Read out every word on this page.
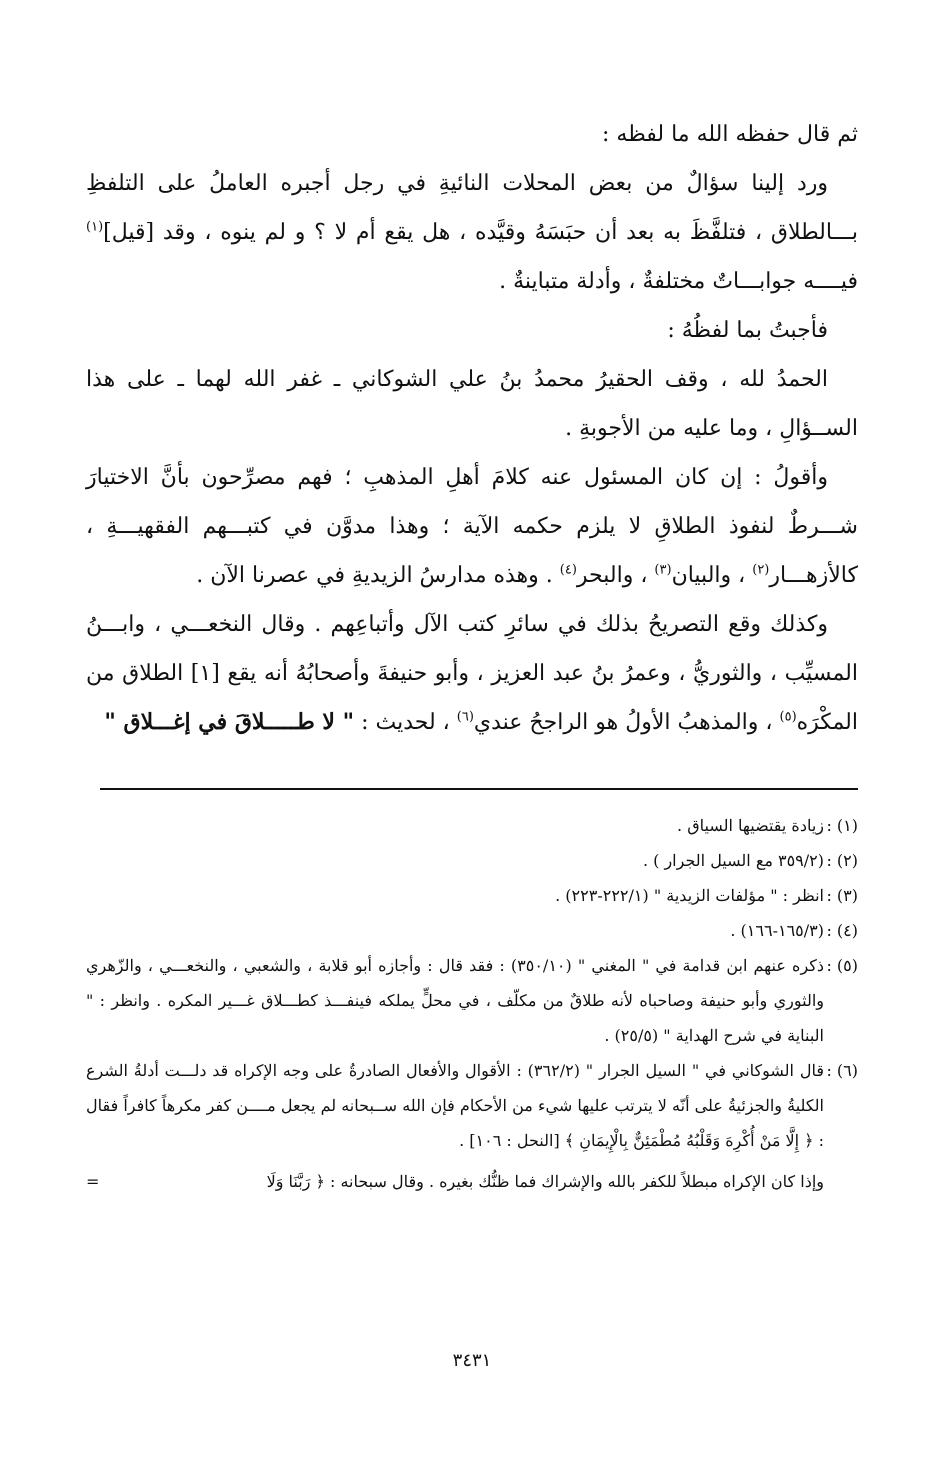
ثم قال حفظه الله ما لفظه :

ورد إلينا سؤالٌ من بعض المحلات النائيةِ في رجل أجبره العاملُ على التلفظِ بـــالطلاق ، فتلفَّظَ به بعد أن حبَسَهُ وقيَّده ، هل يقع أم لا ؟ و لم ينوه ، وقد [قيل]$^{(١)}$ فيــــه جوابـــاتٌ مختلفةٌ ، وأدلة متباينةٌ .

فأجبتُ بما لفظُهُ :

الحمدُ لله ، وقف الحقيرُ محمدُ بنُ علي الشوكاني ـ غفر الله لهما ـ على هذا الســؤالِ ، وما عليه من الأجوبةِ .

وأقولُ : إن كان المسئول عنه كلامَ أهلِ المذهبِ ؛ فهم مصرِّحون بأنَّ الاختيارَ شـــرطٌ لنفوذ الطلاقِ لا يلزم حكمه الآية ؛ وهذا مدوَّن في كتبـــهم الفقهيـــةِ ، كالأزهـــار$^{(٢)}$ ، والبيان$^{(٣)}$ ، والبحر$^{(٤)}$ . وهذه مدارسُ الزيديةِ في عصرنا الآن .

وكذلك وقع التصريحُ بذلك في سائرِ كتب الآل وأتباعِهم . وقال النخعـــي ، وابـــنُ المسيِّب ، والثوريُّ ، وعمرُ بنُ عبد العزيز ، وأبو حنيفةَ وأصحابُهُ أنه يقع [١] الطلاق من المكْرَه$^{(٥)}$ ، والمذهبُ الأولُ هو الراجحُ عندي$^{(٦)}$ ، لحديث : " لا طـــــلاقَ في إغـــلاق "

(١) :
زيادة يقتضيها السياق .

(٢) :
(٣٥٩/٢ مع السيل الجرار ) .

(٣) :
انظر : " مؤلفات الزيدية " (٢٢٢/١-٢٢٣) .

(٤) :
(١٦٥/٣-١٦٦) .

(٥) :
ذكره عنهم ابن قدامة في " المغني " (٣٥٠/١٠) : فقد قال : وأجازه أبو قلابة ، والشعبي ، والنخعـــي ، والزّهري والثوري وأبو حنيفة وصاحباه لأنه طلاقٌ من مكلّف ، في محلٍّ يملكه فينفـــذ كطـــلاق غـــير المكره . وانظر : " البناية في شرح الهداية " (٢٥/٥) .

(٦) :
قال الشوكاني في " السيل الجرار " (٣٦٢/٢) : الأقوال والأفعال الصادرةُ على وجه الإكراه قد دلـــت أدلةُ الشرع الكليةُ والجزئيةُ على أنّه لا يترتب عليها شيء من الأحكام فإن الله ســبحانه لم يجعل مــــن كفر مكرهاً كافراً فقال : ﴿ إِلَّا مَنْ أُكْرِهَ وَقَلْبُهُ مُطْمَئِنٌّ بِالْإِيمَانِ ﴾ [النحل : ١٠٦] .

وإذا كان الإكراه مبطلاً للكفر بالله والإشراك فما ظنُّك بغيره . وقال سبحانه : ﴿ رَبَّنَا وَلَا
=

٣٤٣١
